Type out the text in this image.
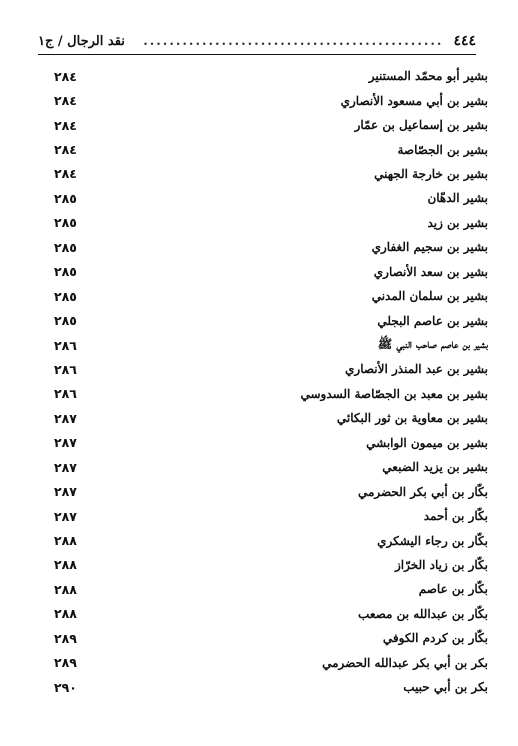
٤٤٤
..............................................
نقد الرجال / ج١
بشير أبو محمّد المستنير
٢٨٤
بشير بن أبي مسعود الأنصاري
٢٨٤
بشير بن إسماعيل بن عمّار
٢٨٤
بشير بن الجصّاصة
٢٨٤
بشير بن خارجة الجهني
٢٨٤
بشير الدهّان
٢٨٥
بشير بن زيد
٢٨٥
بشير بن سجيم الغفاري
٢٨٥
بشير بن سعد الأنصاري
٢٨٥
بشير بن سلمان المدني
٢٨٥
بشير بن عاصم البجلي
٢٨٥
بشير بن عاصم صاحب النبي ﷺ
٢٨٦
بشير بن عبد المنذر الأنصاري
٢٨٦
بشير بن معبد بن الجصّاصة السدوسي
٢٨٦
بشير بن معاوية بن ثور البكائي
٢٨٧
بشير بن ميمون الوابشي
٢٨٧
بشير بن يزيد الضبعي
٢٨٧
بكّار بن أبي بكر الحضرمي
٢٨٧
بكّار بن أحمد
٢٨٧
بكّار بن رجاء اليشكري
٢٨٨
بكّار بن زياد الخرّاز
٢٨٨
بكّار بن عاصم
٢٨٨
بكّار بن عبدالله بن مصعب
٢٨٨
بكّار بن كردم الكوفي
٢٨٩
بكر بن أبي بكر عبدالله الحضرمي
٢٨٩
بكر بن أبي حبيب
٢٩٠
